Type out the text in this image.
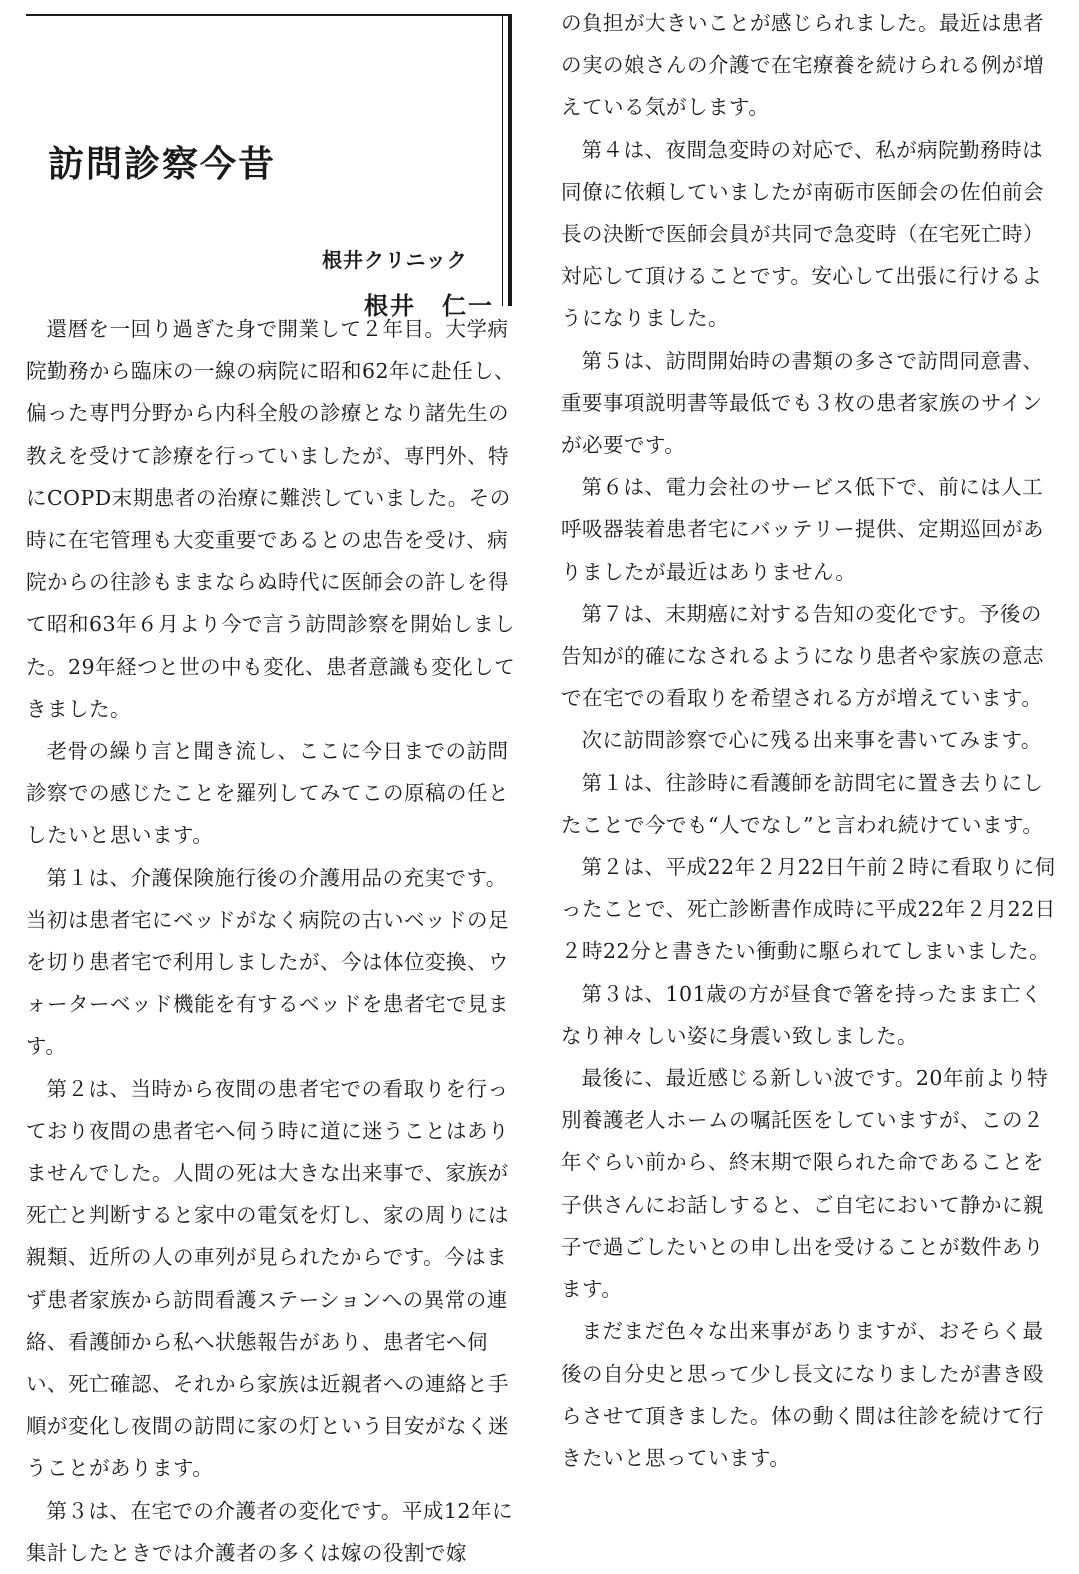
訪問診察今昔
根井クリニック
根井　仁一

還暦を一回り過ぎた身で開業して２年目。大学病院勤務から臨床の一線の病院に昭和62年に赴任し、偏った専門分野から内科全般の診療となり諸先生の教えを受けて診療を行っていましたが、専門外、特にCOPD末期患者の治療に難渋していました。その時に在宅管理も大変重要であるとの忠告を受け、病院からの往診もままならぬ時代に医師会の許しを得て昭和63年６月より今で言う訪問診察を開始しました。29年経つと世の中も変化、患者意識も変化してきました。

老骨の繰り言と聞き流し、ここに今日までの訪問診察での感じたことを羅列してみてこの原稿の任としたいと思います。

第１は、介護保険施行後の介護用品の充実です。当初は患者宅にベッドがなく病院の古いベッドの足を切り患者宅で利用しましたが、今は体位変換、ウォーターベッド機能を有するベッドを患者宅で見ます。

第２は、当時から夜間の患者宅での看取りを行っており夜間の患者宅へ伺う時に道に迷うことはありませんでした。人間の死は大きな出来事で、家族が死亡と判断すると家中の電気を灯し、家の周りには親類、近所の人の車列が見られたからです。今はまず患者家族から訪問看護ステーションへの異常の連絡、看護師から私へ状態報告があり、患者宅へ伺い、死亡確認、それから家族は近親者への連絡と手順が変化し夜間の訪問に家の灯という目安がなく迷うことがあります。

第３は、在宅での介護者の変化です。平成12年に集計したときでは介護者の多くは嫁の役割で嫁

の負担が大きいことが感じられました。最近は患者の実の娘さんの介護で在宅療養を続けられる例が増えている気がします。

第４は、夜間急変時の対応で、私が病院勤務時は同僚に依頼していましたが南砺市医師会の佐伯前会長の決断で医師会員が共同で急変時（在宅死亡時）対応して頂けることです。安心して出張に行けるようになりました。

第５は、訪問開始時の書類の多さで訪問同意書、重要事項説明書等最低でも３枚の患者家族のサインが必要です。

第６は、電力会社のサービス低下で、前には人工呼吸器装着患者宅にバッテリー提供、定期巡回がありましたが最近はありません。

第７は、末期癌に対する告知の変化です。予後の告知が的確になされるようになり患者や家族の意志で在宅での看取りを希望される方が増えています。

次に訪問診察で心に残る出来事を書いてみます。

第１は、往診時に看護師を訪問宅に置き去りにしたことで今でも“人でなし”と言われ続けています。

第２は、平成22年２月22日午前２時に看取りに伺ったことで、死亡診断書作成時に平成22年２月22日２時22分と書きたい衝動に駆られてしまいました。

第３は、101歳の方が昼食で箸を持ったまま亡くなり神々しい姿に身震い致しました。

最後に、最近感じる新しい波です。20年前より特別養護老人ホームの嘱託医をしていますが、この２年ぐらい前から、終末期で限られた命であることを子供さんにお話しすると、ご自宅において静かに親子で過ごしたいとの申し出を受けることが数件あります。

まだまだ色々な出来事がありますが、おそらく最後の自分史と思って少し長文になりましたが書き殴らさせて頂きました。体の動く間は往診を続けて行きたいと思っています。
